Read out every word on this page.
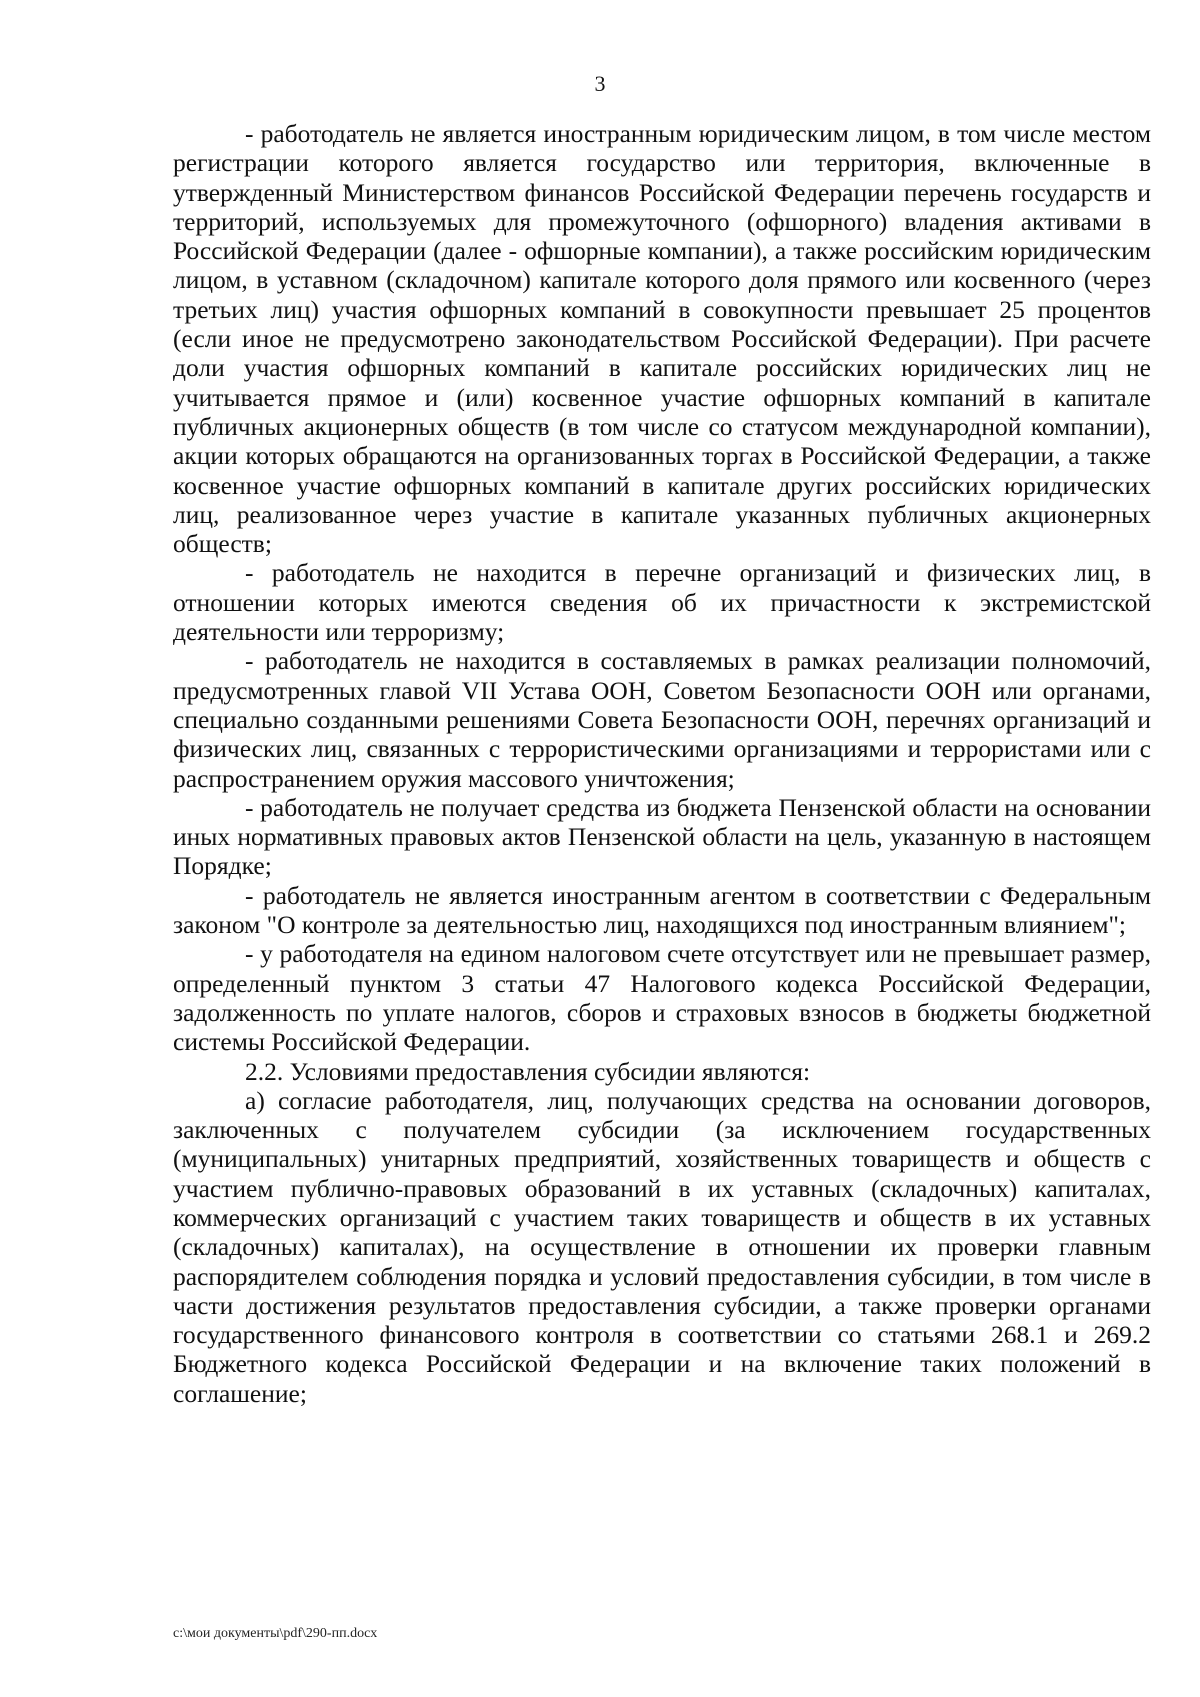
3

- работодатель не является иностранным юридическим лицом, в том числе местом регистрации которого является государство или территория, включенные в утвержденный Министерством финансов Российской Федерации перечень государств и территорий, используемых для промежуточного (офшорного) владения активами в Российской Федерации (далее - офшорные компании), а также российским юридическим лицом, в уставном (складочном) капитале которого доля прямого или косвенного (через третьих лиц) участия офшорных компаний в совокупности превышает 25 процентов (если иное не предусмотрено законодательством Российской Федерации). При расчете доли участия офшорных компаний в капитале российских юридических лиц не учитывается прямое и (или) косвенное участие офшорных компаний в капитале публичных акционерных обществ (в том числе со статусом международной компании), акции которых обращаются на организованных торгах в Российской Федерации, а также косвенное участие офшорных компаний в капитале других российских юридических лиц, реализованное через участие в капитале указанных публичных акционерных обществ;

- работодатель не находится в перечне организаций и физических лиц, в отношении которых имеются сведения об их причастности к экстремистской деятельности или терроризму;

- работодатель не находится в составляемых в рамках реализации полномочий, предусмотренных главой VII Устава ООН, Советом Безопасности ООН или органами, специально созданными решениями Совета Безопасности ООН, перечнях организаций и физических лиц, связанных с террористическими организациями и террористами или с распространением оружия массового уничтожения;

- работодатель не получает средства из бюджета Пензенской области на основании иных нормативных правовых актов Пензенской области на цель, указанную в настоящем Порядке;

- работодатель не является иностранным агентом в соответствии с Федеральным законом "О контроле за деятельностью лиц, находящихся под иностранным влиянием";

- у работодателя на едином налоговом счете отсутствует или не превышает размер, определенный пунктом 3 статьи 47 Налогового кодекса Российской Федерации, задолженность по уплате налогов, сборов и страховых взносов в бюджеты бюджетной системы Российской Федерации.

2.2. Условиями предоставления субсидии являются:

а) согласие работодателя, лиц, получающих средства на основании договоров, заключенных с получателем субсидии (за исключением государственных (муниципальных) унитарных предприятий, хозяйственных товариществ и обществ с участием публично-правовых образований в их уставных (складочных) капиталах, коммерческих организаций с участием таких товариществ и обществ в их уставных (складочных) капиталах), на осуществление в отношении их проверки главным распорядителем соблюдения порядка и условий предоставления субсидии, в том числе в части достижения результатов предоставления субсидии, а также проверки органами государственного финансового контроля в соответствии со статьями 268.1 и 269.2 Бюджетного кодекса Российской Федерации и на включение таких положений в соглашение;

c:\мои документы\pdf\290-пп.docx
